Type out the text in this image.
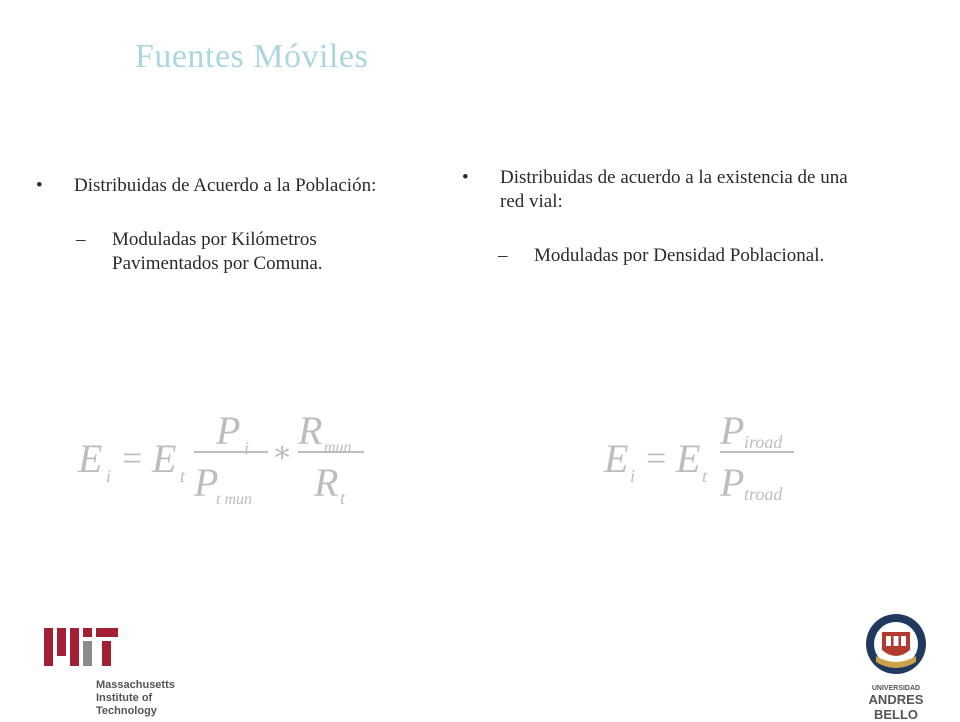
Fuentes Móviles
• Distribuidas de Acuerdo a la Población:
– Moduladas por Kilómetros
Pavimentados por Comuna.
• Distribuidas de acuerdo a la existencia de una
red vial:
– Moduladas por Densidad Poblacional.
E i = E t
P i
P
t mun
∗ R mun
R t
E i = E t
P iroad
P troad
Massachusetts
Institute of
Technology
UNIVERSIDAD
ANDRES BELLO
